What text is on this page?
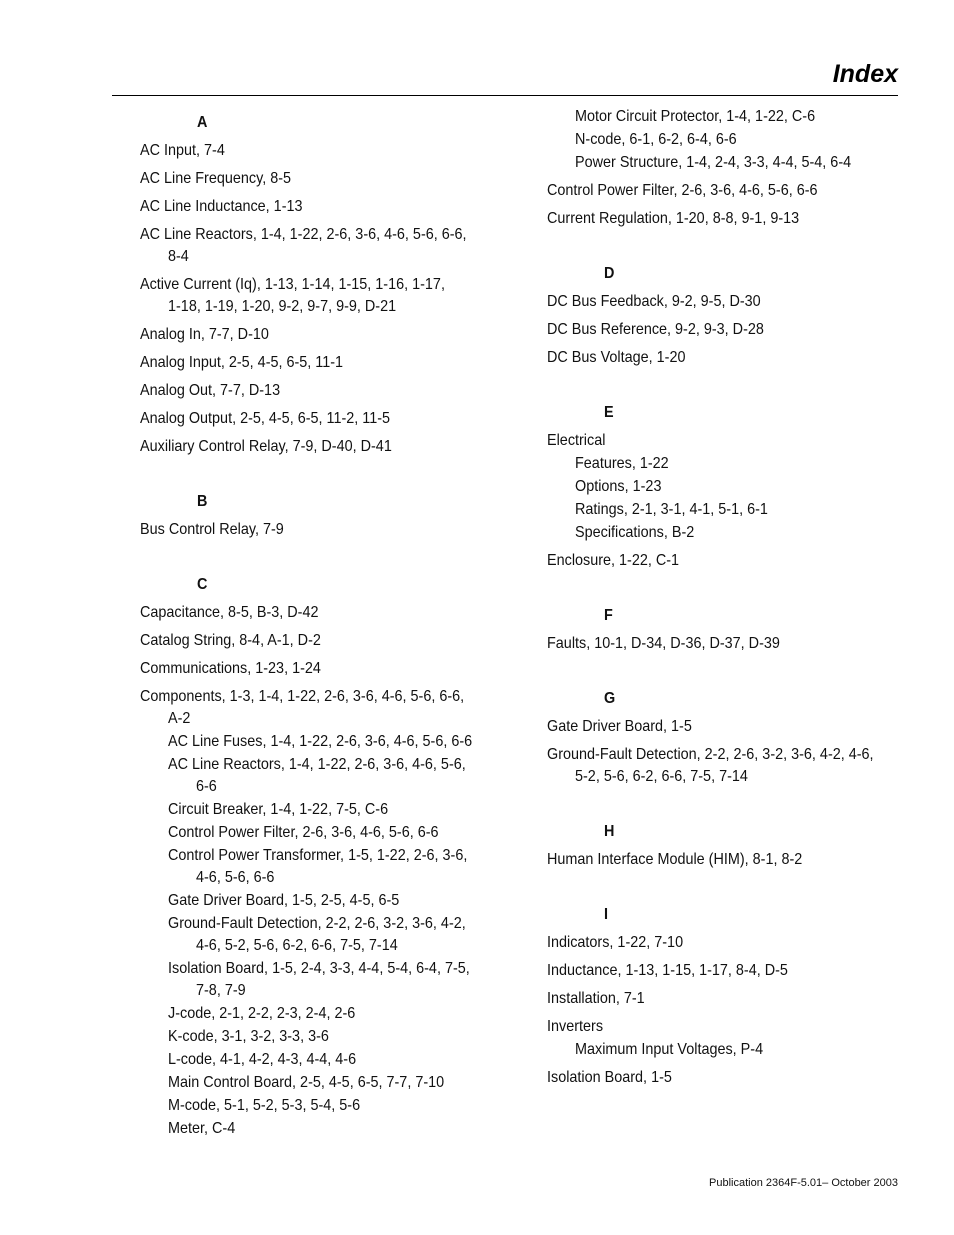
Index
A
AC Input, 7-4
AC Line Frequency, 8-5
AC Line Inductance, 1-13
AC Line Reactors, 1-4, 1-22, 2-6, 3-6, 4-6, 5-6, 6-6,
8-4
Active Current (Iq), 1-13, 1-14, 1-15, 1-16, 1-17,
1-18, 1-19, 1-20, 9-2, 9-7, 9-9, D-21
Analog In, 7-7, D-10
Analog Input, 2-5, 4-5, 6-5, 11-1
Analog Out, 7-7, D-13
Analog Output, 2-5, 4-5, 6-5, 11-2, 11-5
Auxiliary Control Relay, 7-9, D-40, D-41
B
Bus Control Relay, 7-9
C
Capacitance, 8-5, B-3, D-42
Catalog String, 8-4, A-1, D-2
Communications, 1-23, 1-24
Components, 1-3, 1-4, 1-22, 2-6, 3-6, 4-6, 5-6, 6-6,
A-2
AC Line Fuses, 1-4, 1-22, 2-6, 3-6, 4-6, 5-6, 6-6
AC Line Reactors, 1-4, 1-22, 2-6, 3-6, 4-6, 5-6,
6-6
Circuit Breaker, 1-4, 1-22, 7-5, C-6
Control Power Filter, 2-6, 3-6, 4-6, 5-6, 6-6
Control Power Transformer, 1-5, 1-22, 2-6, 3-6,
4-6, 5-6, 6-6
Gate Driver Board, 1-5, 2-5, 4-5, 6-5
Ground-Fault Detection, 2-2, 2-6, 3-2, 3-6, 4-2,
4-6, 5-2, 5-6, 6-2, 6-6, 7-5, 7-14
Isolation Board, 1-5, 2-4, 3-3, 4-4, 5-4, 6-4, 7-5,
7-8, 7-9
J-code, 2-1, 2-2, 2-3, 2-4, 2-6
K-code, 3-1, 3-2, 3-3, 3-6
L-code, 4-1, 4-2, 4-3, 4-4, 4-6
Main Control Board, 2-5, 4-5, 6-5, 7-7, 7-10
M-code, 5-1, 5-2, 5-3, 5-4, 5-6
Meter, C-4
Motor Circuit Protector, 1-4, 1-22, C-6
N-code, 6-1, 6-2, 6-4, 6-6
Power Structure, 1-4, 2-4, 3-3, 4-4, 5-4, 6-4
Control Power Filter, 2-6, 3-6, 4-6, 5-6, 6-6
Current Regulation, 1-20, 8-8, 9-1, 9-13
D
DC Bus Feedback, 9-2, 9-5, D-30
DC Bus Reference, 9-2, 9-3, D-28
DC Bus Voltage, 1-20
E
Electrical
Features, 1-22
Options, 1-23
Ratings, 2-1, 3-1, 4-1, 5-1, 6-1
Specifications, B-2
Enclosure, 1-22, C-1
F
Faults, 10-1, D-34, D-36, D-37, D-39
G
Gate Driver Board, 1-5
Ground-Fault Detection, 2-2, 2-6, 3-2, 3-6, 4-2, 4-6,
5-2, 5-6, 6-2, 6-6, 7-5, 7-14
H
Human Interface Module (HIM), 8-1, 8-2
I
Indicators, 1-22, 7-10
Inductance, 1-13, 1-15, 1-17, 8-4, D-5
Installation, 7-1
Inverters
Maximum Input Voltages, P-4
Isolation Board, 1-5
Publication 2364F-5.01– October 2003
